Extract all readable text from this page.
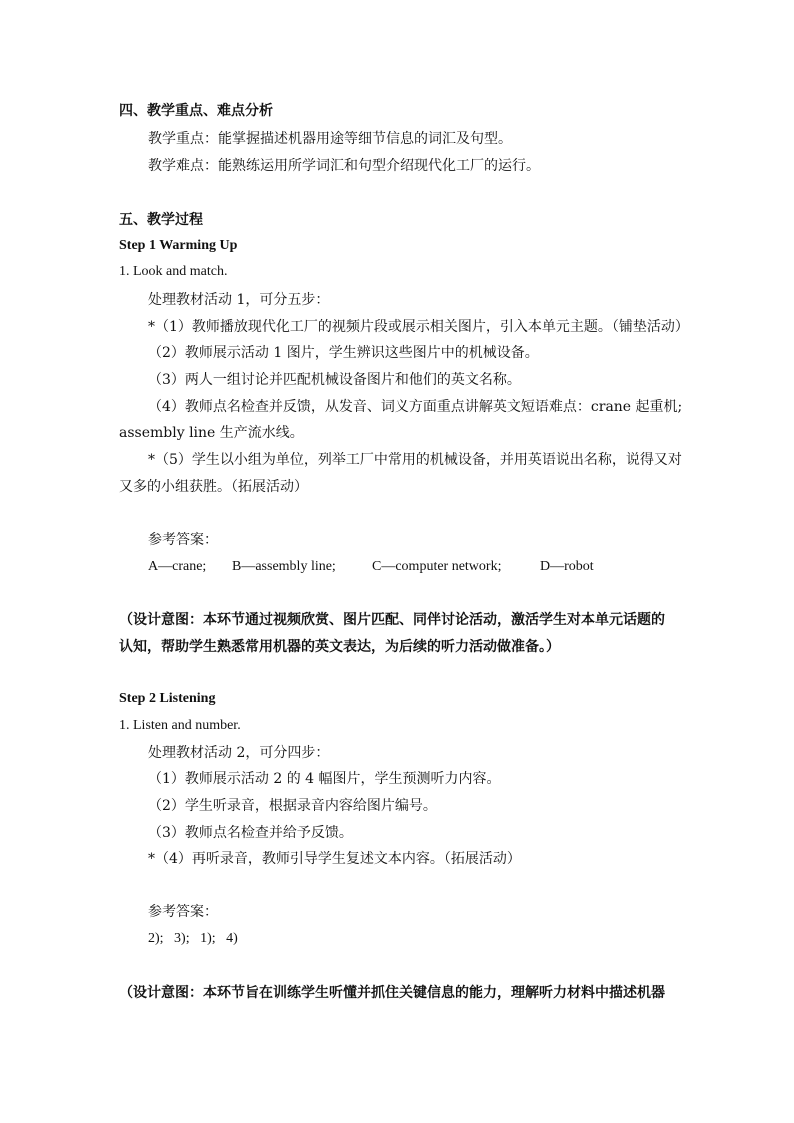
四、教学重点、难点分析
教学重点：能掌握描述机器用途等细节信息的词汇及句型。
教学难点：能熟练运用所学词汇和句型介绍现代化工厂的运行。
五、教学过程
Step 1 Warming Up
1. Look and match.
处理教材活动 1，可分五步：
*（1）教师播放现代化工厂的视频片段或展示相关图片，引入本单元主题。（铺垫活动）
（2）教师展示活动 1 图片，学生辨识这些图片中的机械设备。
（3）两人一组讨论并匹配机械设备图片和他们的英文名称。
（4）教师点名检查并反馈，从发音、词义方面重点讲解英文短语难点：crane 起重机;
assembly line 生产流水线。
*（5）学生以小组为单位，列举工厂中常用的机械设备，并用英语说出名称，说得又对
又多的小组获胜。（拓展活动）
参考答案：
A—crane; B—assembly line;	C—computer network;	D—robot
（设计意图：本环节通过视频欣赏、图片匹配、同伴讨论活动，激活学生对本单元话题的
认知，帮助学生熟悉常用机器的英文表达，为后续的听力活动做准备。）
Step 2 Listening
1. Listen and number.
处理教材活动 2，可分四步：
（1）教师展示活动 2 的 4 幅图片，学生预测听力内容。
（2）学生听录音，根据录音内容给图片编号。
（3）教师点名检查并给予反馈。
*（4）再听录音，教师引导学生复述文本内容。（拓展活动）
参考答案：
2);   3);   1);   4)
（设计意图：本环节旨在训练学生听懂并抓住关键信息的能力，理解听力材料中描述机器
